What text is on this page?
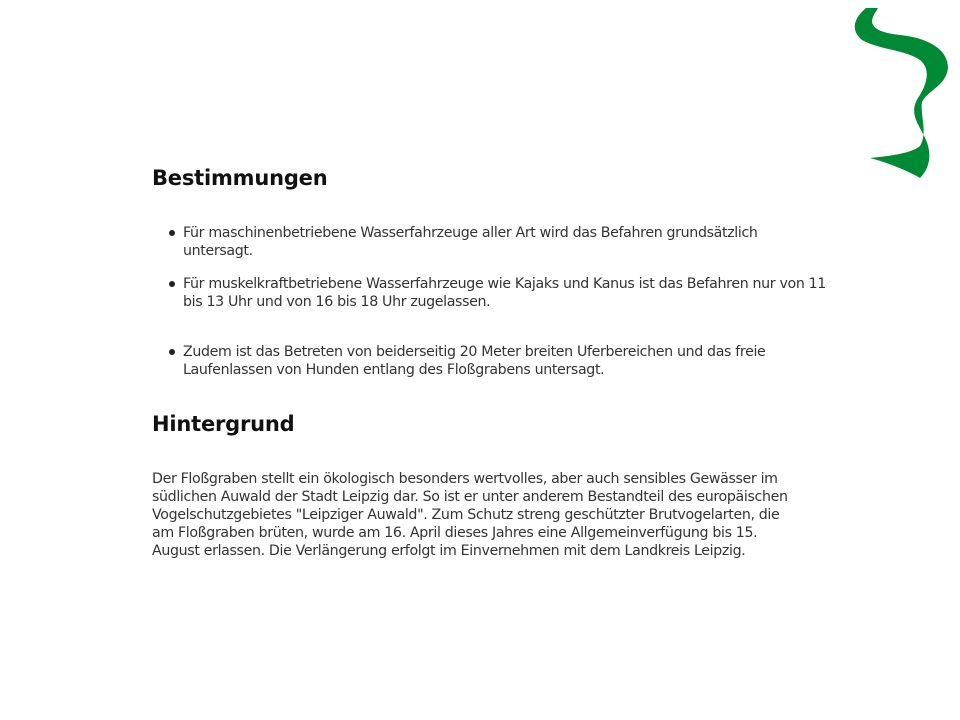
Bestimmungen
Für maschinenbetriebene Wasserfahrzeuge aller Art wird das Befahren grundsätzlich untersagt.
Für muskelkraftbetriebene Wasserfahrzeuge wie Kajaks und Kanus ist das Befahren nur von 11 bis 13 Uhr und von 16 bis 18 Uhr zugelassen.
Zudem ist das Betreten von beiderseitig 20 Meter breiten Uferbereichen und das freie Laufenlassen von Hunden entlang des Floßgrabens untersagt.
Hintergrund

Der Floßgraben stellt ein ökologisch besonders wertvolles, aber auch sensibles Gewässer im südlichen Auwald der Stadt Leipzig dar. So ist er unter anderem Bestandteil des europäischen Vogelschutzgebietes "Leipziger Auwald". Zum Schutz streng geschützter Brutvogelarten, die am Floßgraben brüten, wurde am 16. April dieses Jahres eine Allgemeinverfügung bis 15. August erlassen. Die Verlängerung erfolgt im Einvernehmen mit dem Landkreis Leipzig.
